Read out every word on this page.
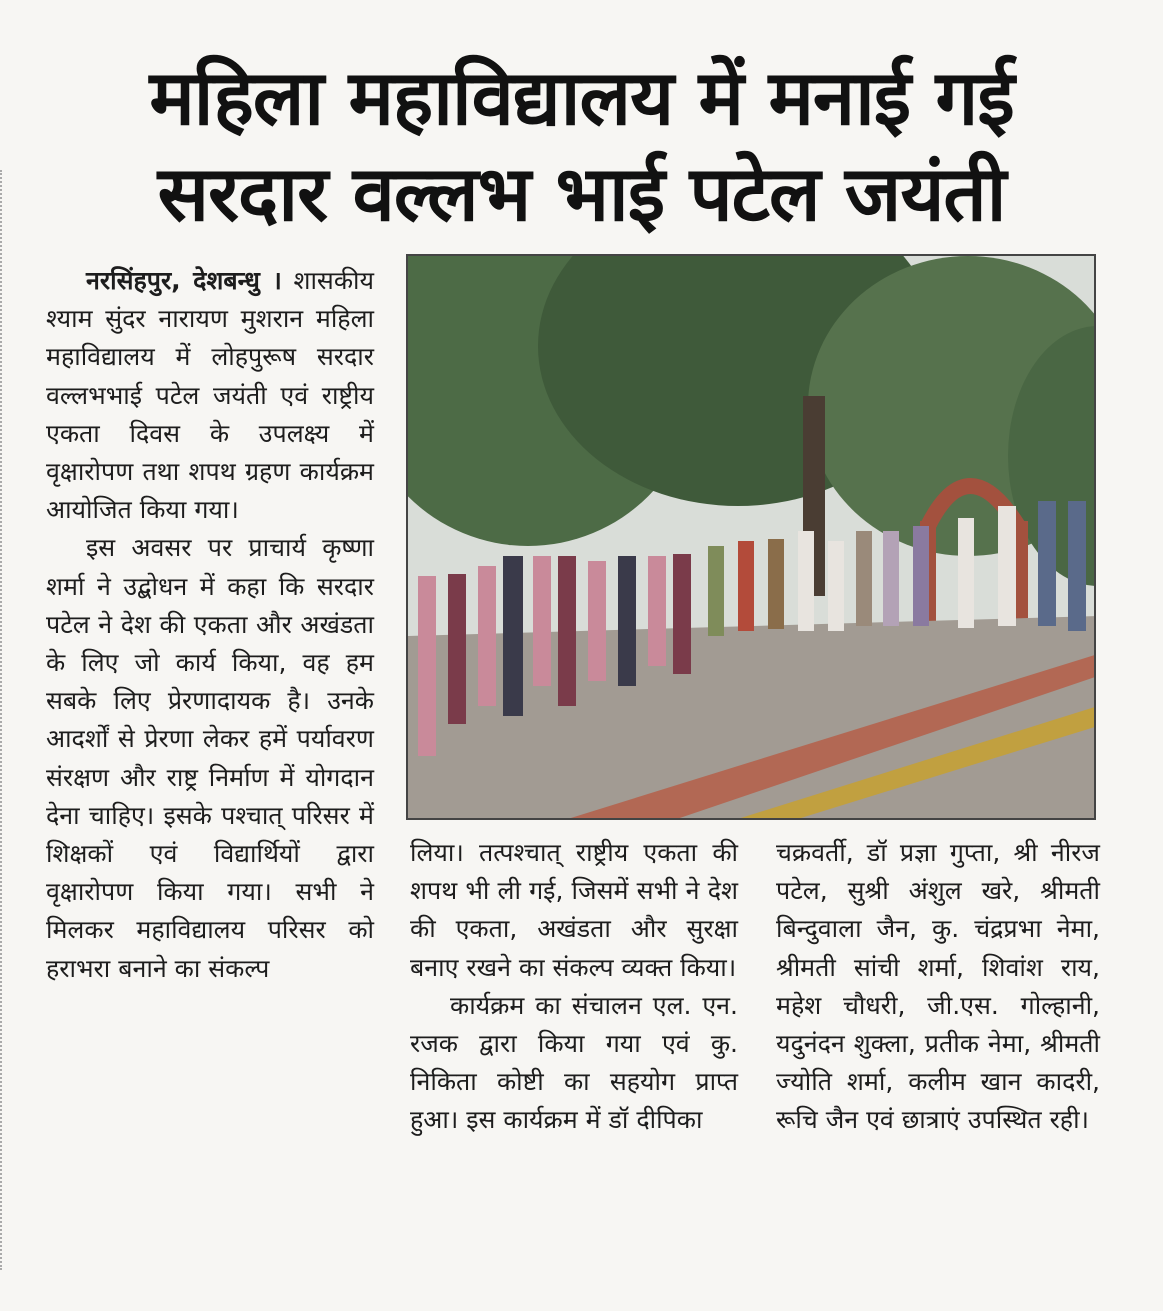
महिला महाविद्यालय में मनाई गई
सरदार वल्लभ भाई पटेल जयंती

नरसिंहपुर, देशबन्धु । शासकीय श्याम सुंदर नारायण मुशरान महिला महाविद्यालय में लोहपुरूष सरदार वल्लभभाई पटेल जयंती एवं राष्ट्रीय एकता दिवस के उपलक्ष्य में वृक्षारोपण तथा शपथ ग्रहण कार्यक्रम आयोजित किया गया।

इस अवसर पर प्राचार्य कृष्णा शर्मा ने उद्बोधन में कहा कि सरदार पटेल ने देश की एकता और अखंडता के लिए जो कार्य किया, वह हम सबके लिए प्रेरणादायक है। उनके आदर्शों से प्रेरणा लेकर हमें पर्यावरण संरक्षण और राष्ट्र निर्माण में योगदान देना चाहिए। इसके पश्चात् परिसर में शिक्षकों एवं विद्यार्थियों द्वारा वृक्षारोपण किया गया। सभी ने मिलकर महाविद्यालय परिसर को हराभरा बनाने का संकल्प

लिया। तत्पश्चात् राष्ट्रीय एकता की शपथ भी ली गई, जिसमें सभी ने देश की एकता, अखंडता और सुरक्षा बनाए रखने का संकल्प व्यक्त किया।

कार्यक्रम का संचालन एल. एन. रजक द्वारा किया गया एवं कु. निकिता कोष्टी का सहयोग प्राप्त हुआ। इस कार्यक्रम में डॉ दीपिका

चक्रवर्ती, डॉ प्रज्ञा गुप्ता, श्री नीरज पटेल, सुश्री अंशुल खरे, श्रीमती बिन्दुवाला जैन, कु. चंद्रप्रभा नेमा, श्रीमती सांची शर्मा, शिवांश राय, महेश चौधरी, जी.एस. गोल्हानी, यदुनंदन शुक्ला, प्रतीक नेमा, श्रीमती ज्योति शर्मा, कलीम खान कादरी, रूचि जैन एवं छात्राएं उपस्थित रही।
